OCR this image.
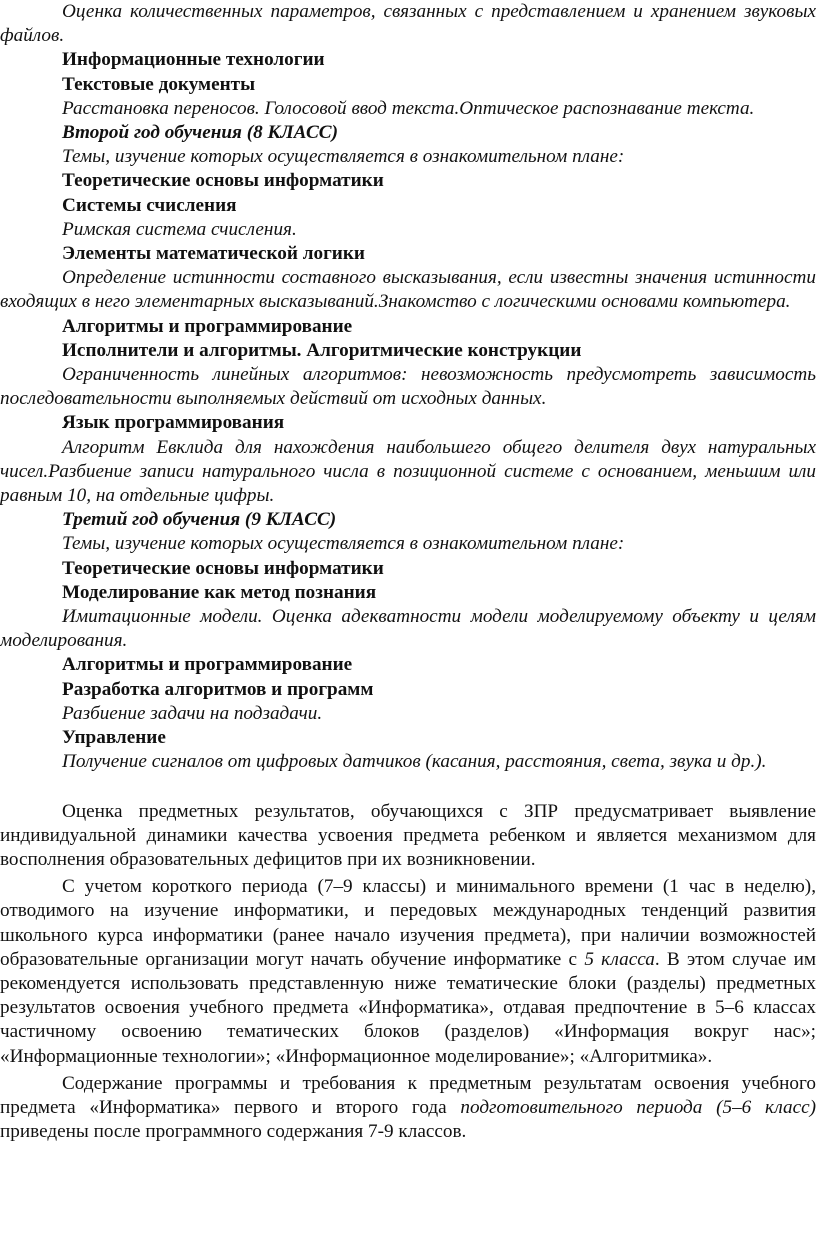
Оценка количественных параметров, связанных с представлением и хранением звуковых файлов.

Информационные технологии

Текстовые документы

Расстановка переносов. Голосовой ввод текста.Оптическое распознавание текста.

Второй год обучения (8 КЛАСС)

Темы, изучение которых осуществляется в ознакомительном плане:

Теоретические основы информатики

Системы счисления

Римская система счисления.

Элементы математической логики

Определение истинности составного высказывания, если известны значения истинности входящих в него элементарных высказываний.Знакомство с логическими основами компьютера.

Алгоритмы и программирование

Исполнители и алгоритмы. Алгоритмические конструкции

Ограниченность линейных алгоритмов: невозможность предусмотреть зависимость последовательности выполняемых действий от исходных данных.

Язык программирования

Алгоритм Евклида для нахождения наибольшего общего делителя двух натуральных чисел.Разбиение записи натурального числа в позиционной системе с основанием, меньшим или равным 10, на отдельные цифры.

Третий год обучения (9 КЛАСС)

Темы, изучение которых осуществляется в ознакомительном плане:

Теоретические основы информатики

Моделирование как метод познания

Имитационные модели. Оценка адекватности модели моделируемому объекту и целям моделирования.

Алгоритмы и программирование

Разработка алгоритмов и программ

Разбиение задачи на подзадачи.

Управление

Получение сигналов от цифровых датчиков (касания, расстояния, света, звука и др.).

Оценка предметных результатов, обучающихся с ЗПР предусматривает выявление индивидуальной динамики качества усвоения предмета ребенком и является механизмом для восполнения образовательных дефицитов при их возникновении.

С учетом короткого периода (7–9 классы) и минимального времени (1 час в неделю), отводимого на изучение информатики, и передовых международных тенденций развития школьного курса информатики (ранее начало изучения предмета), при наличии возможностей образовательные организации могут начать обучение информатике с 5 класса. В этом случае им рекомендуется использовать представленную ниже тематические блоки (разделы) предметных результатов освоения учебного предмета «Информатика», отдавая предпочтение в 5–6 классах частичному освоению тематических блоков (разделов) «Информация вокруг нас»; «Информационные технологии»; «Информационное моделирование»; «Алгоритмика».

Содержание программы и требования к предметным результатам освоения учебного предмета «Информатика» первого и второго года подготовительного периода (5–6 класс) приведены после программного содержания 7-9 классов.
